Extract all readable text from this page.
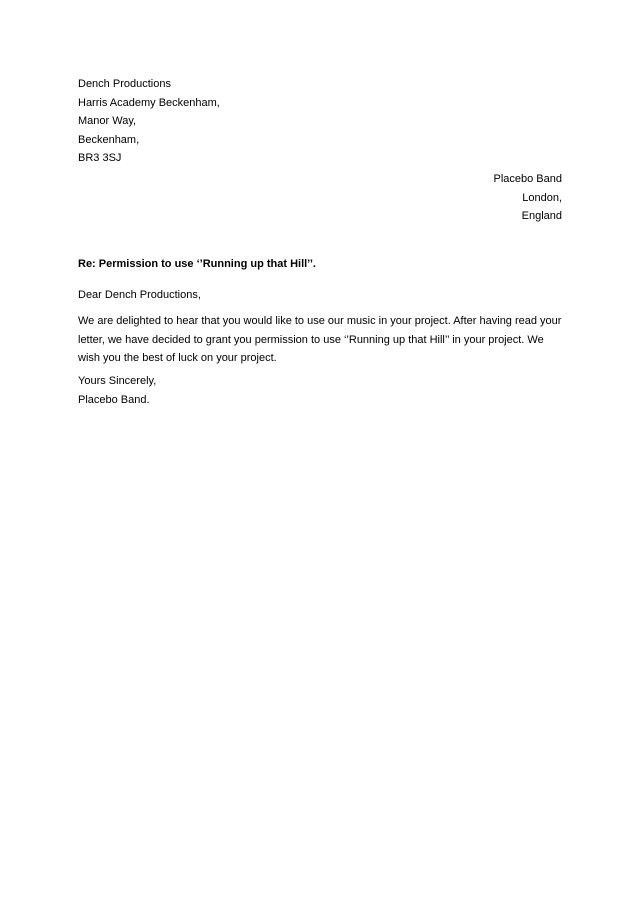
Dench Productions
Harris Academy Beckenham,
Manor Way,
Beckenham,
BR3 3SJ
Placebo Band
London,
England
Re: Permission to use ‘’Running up that Hill’’.
Dear Dench Productions,
We are delighted to hear that you would like to use our music in your project. After having read your
letter, we have decided to grant you permission to use ‘’Running up that Hill’’ in your project. We
wish you the best of luck on your project.
Yours Sincerely,
Placebo Band.
